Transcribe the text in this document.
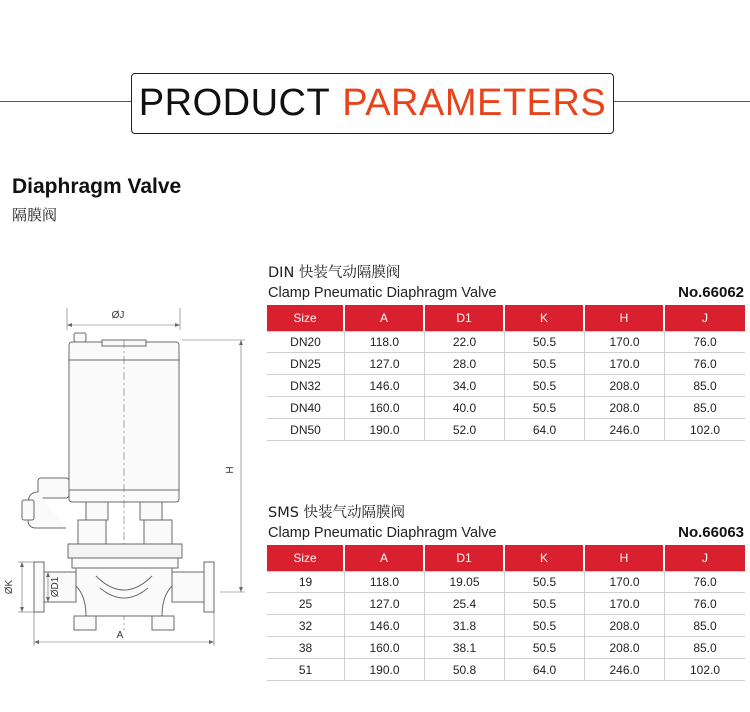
PRODUCT PARAMETERS
Diaphragm Valve
隔膜阀
ØJ
H
ØK	ØD1
A
DIN 快装气动隔膜阀
Clamp Pneumatic Diaphragm Valve	No.66062
Size	A	D1	K	H	J
DN20	118.0	22.0	50.5	170.0	76.0
DN25	127.0	28.0	50.5	170.0	76.0
DN32	146.0	34.0	50.5	208.0	85.0
DN40	160.0	40.0	50.5	208.0	85.0
DN50	190.0	52.0	64.0	246.0	102.0
SMS 快装气动隔膜阀
Clamp Pneumatic Diaphragm Valve	No.66063
Size	A	D1	K	H	J
19	118.0	19.05	50.5	170.0	76.0
25	127.0	25.4	50.5	170.0	76.0
32	146.0	31.8	50.5	208.0	85.0
38	160.0	38.1	50.5	208.0	85.0
51	190.0	50.8	64.0	246.0	102.0
